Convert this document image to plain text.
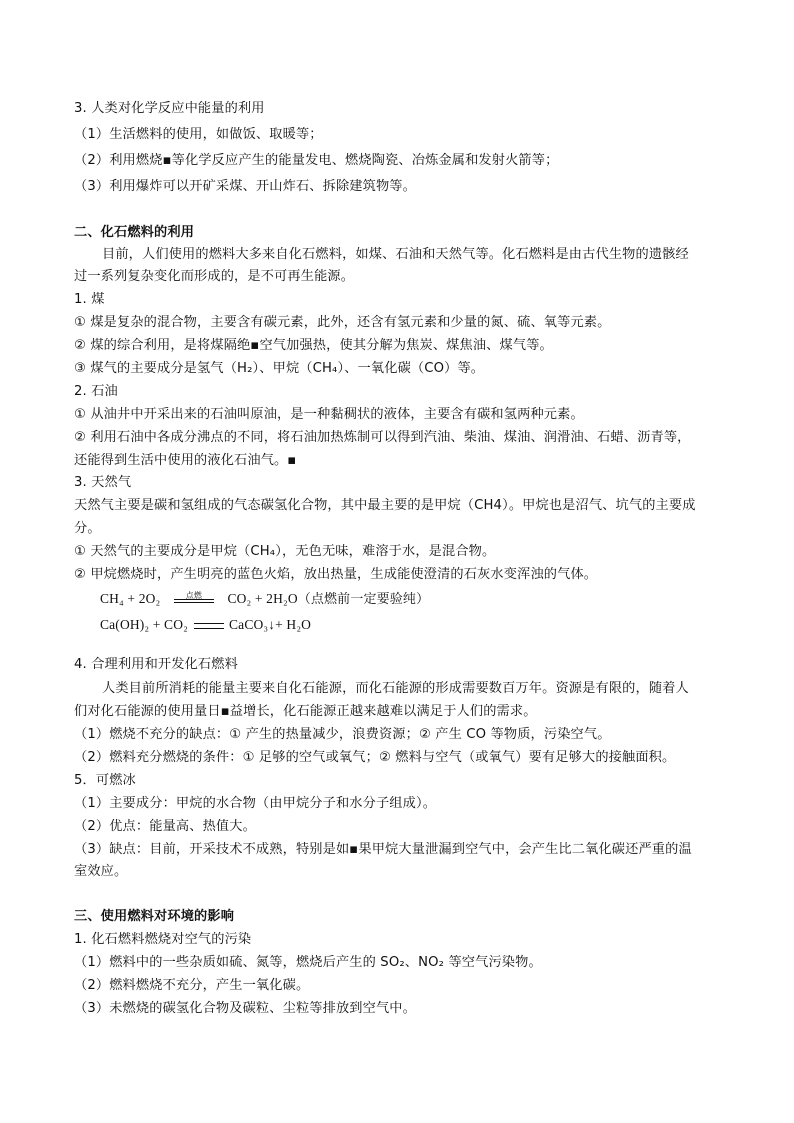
3. 人类对化学反应中能量的利用
（1）生活燃料的使用，如做饭、取暖等；
（2）利用燃烧▪等化学反应产生的能量发电、燃烧陶瓷、冶炼金属和发射火箭等；
（3）利用爆炸可以开矿采煤、开山炸石、拆除建筑物等。
二、化石燃料的利用
目前，人们使用的燃料大多来自化石燃料，如煤、石油和天然气等。化石燃料是由古代生物的遗骸经
过一系列复杂变化而形成的，是不可再生能源。
1. 煤
① 煤是复杂的混合物，主要含有碳元素，此外，还含有氢元素和少量的氮、硫、氧等元素。
② 煤的综合利用，是将煤隔绝▪空气加强热，使其分解为焦炭、煤焦油、煤气等。
③ 煤气的主要成分是氢气（H₂）、甲烷（CH₄）、一氧化碳（CO）等。
2. 石油
① 从油井中开采出来的石油叫原油，是一种黏稠状的液体，主要含有碳和氢两种元素。
② 利用石油中各成分沸点的不同，将石油加热炼制可以得到汽油、柴油、煤油、润滑油、石蜡、沥青等，
还能得到生活中使用的液化石油气。▪
3. 天然气
天然气主要是碳和氢组成的气态碳氢化合物，其中最主要的是甲烷（CH4）。甲烷也是沼气、坑气的主要成
分。
① 天然气的主要成分是甲烷（CH₄），无色无味，难溶于水，是混合物。
② 甲烷燃烧时，产生明亮的蓝色火焰，放出热量，生成能使澄清的石灰水变浑浊的气体。
CH₄ + 2O₂	点燃	CO₂ + 2H₂O（点燃前一定要验纯）
Ca(OH)₂ + CO₂	CaCO₃↓+ H₂O
4. 合理利用和开发化石燃料
人类目前所消耗的能量主要来自化石能源，而化石能源的形成需要数百万年。资源是有限的，随着人
们对化石能源的使用量日▪益增长，化石能源正越来越难以满足于人们的需求。
（1）燃烧不充分的缺点：① 产生的热量减少，浪费资源；② 产生 CO 等物质，污染空气。
（2）燃料充分燃烧的条件：① 足够的空气或氧气；② 燃料与空气（或氧气）要有足够大的接触面积。
5．可燃冰
（1）主要成分：甲烷的水合物（由甲烷分子和水分子组成）。
（2）优点：能量高、热值大。
（3）缺点：目前，开采技术不成熟，特别是如▪果甲烷大量泄漏到空气中，会产生比二氧化碳还严重的温
室效应。
三、使用燃料对环境的影响
1. 化石燃料燃烧对空气的污染
（1）燃料中的一些杂质如硫、氮等，燃烧后产生的 SO₂、NO₂ 等空气污染物。
（2）燃料燃烧不充分，产生一氧化碳。
（3）未燃烧的碳氢化合物及碳粒、尘粒等排放到空气中。
